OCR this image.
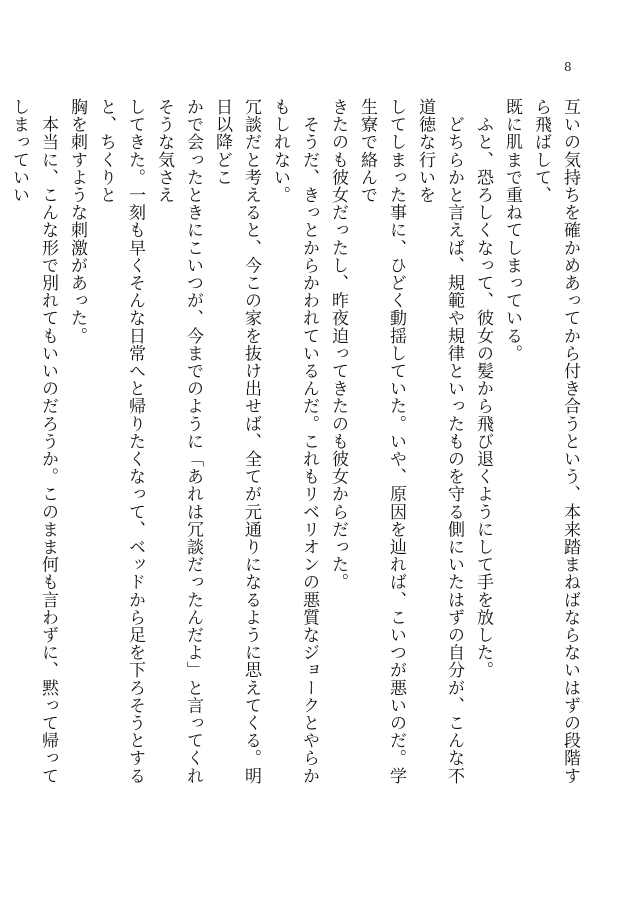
8

互いの気持ちを確かめあってから付き合うという、本来踏まねばならないはずの段階すら飛ばして、
既に肌まで重ねてしまっている。

　ふと、恐ろしくなって、彼女の髪から飛び退くようにして手を放した。

　どちらかと言えば、規範や規律といったものを守る側にいたはずの自分が、こんな不道徳な行いを
してしまった事に、ひどく動揺していた。いや、原因を辿れば、こいつが悪いのだ。学生寮で絡んで
きたのも彼女だったし、昨夜迫ってきたのも彼女からだった。

　そうだ、きっとからかわれているんだ。これもリベリオンの悪質なジョークとやらかもしれない。
冗談だと考えると、今この家を抜け出せば、全てが元通りになるように思えてくる。明日以降どこ
かで会ったときにこいつが、今までのように「あれは冗談だったんだよ」と言ってくれそうな気さえ
してきた。一刻も早くそんな日常へと帰りたくなって、ベッドから足を下ろそうとすると、ちくりと
胸を刺すような刺激があった。

　本当に、こんな形で別れてもいいのだろうか。このまま何も言わずに、黙って帰ってしまっていい
